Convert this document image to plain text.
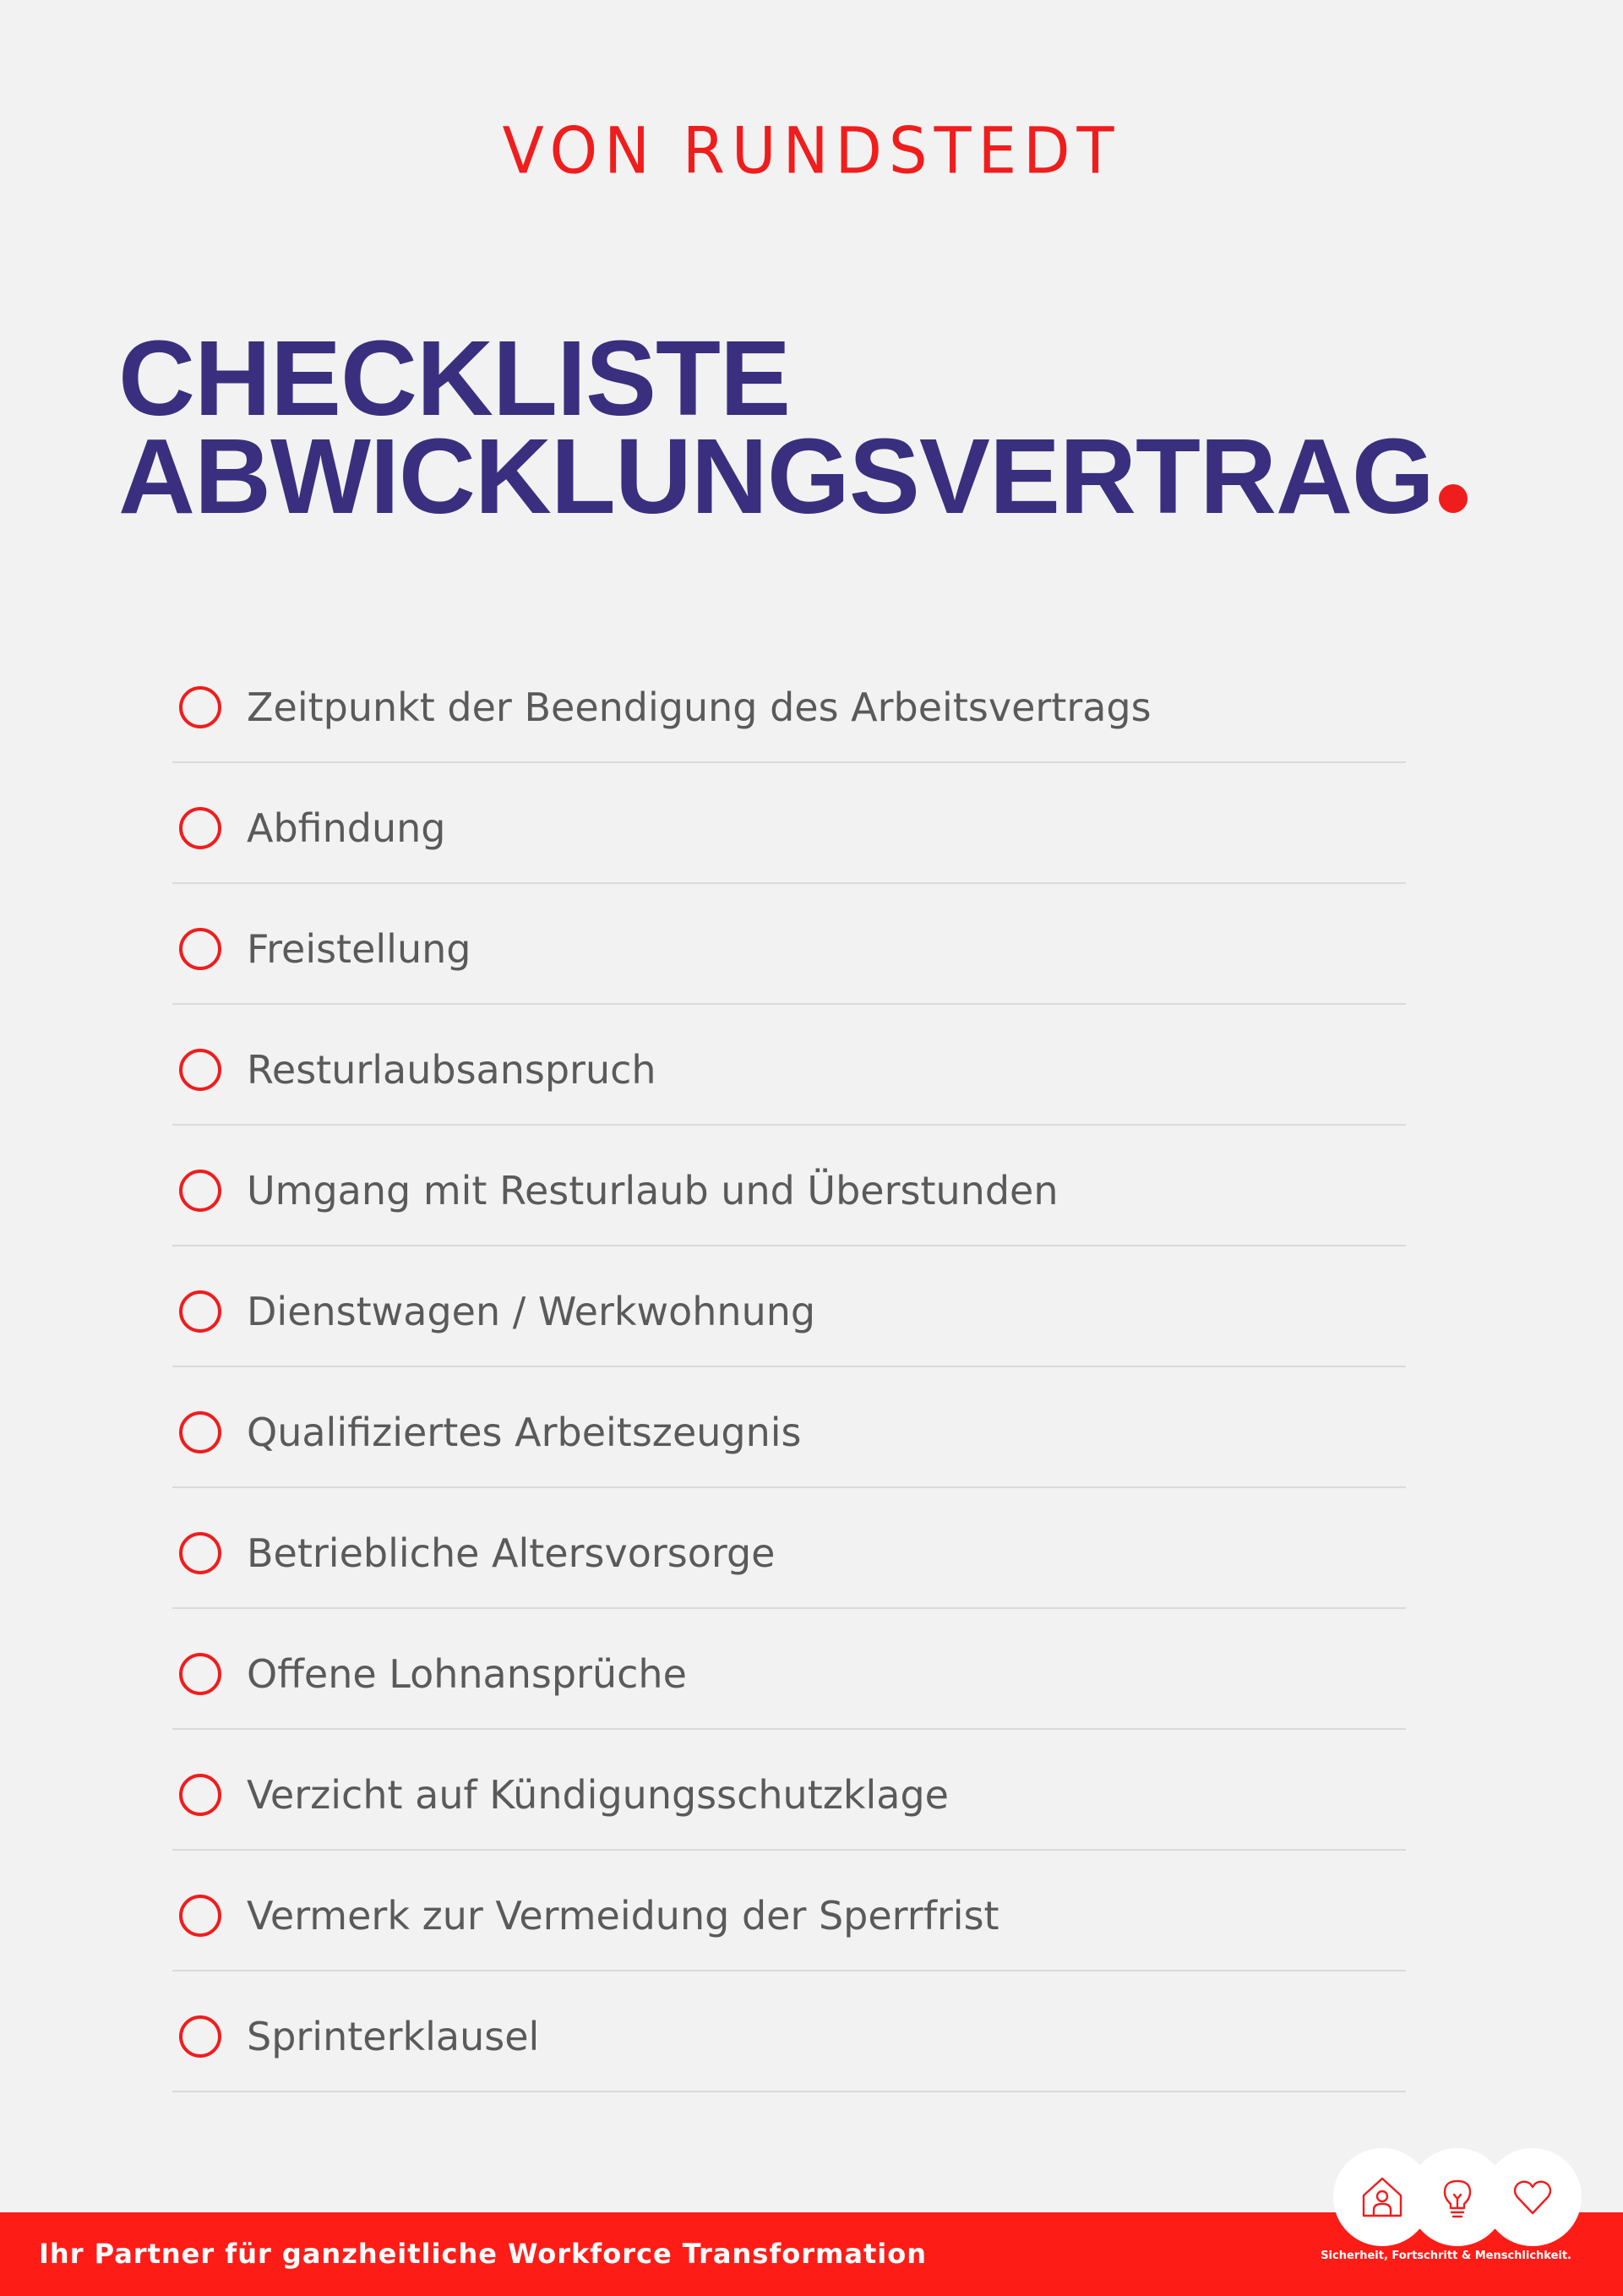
VON RUNDSTEDT
CHECKLISTE
ABWICKLUNGSVERTRAG
Zeitpunkt der Beendigung des Arbeitsvertrags
Abfindung
Freistellung
Resturlaubsanspruch
Umgang mit Resturlaub und Überstunden
Dienstwagen / Werkwohnung
Qualifiziertes Arbeitszeugnis
Betriebliche Altersvorsorge
Offene Lohnansprüche
Verzicht auf Kündigungsschutzklage
Vermerk zur Vermeidung der Sperrfrist
Sprinterklausel
Ihr Partner für ganzheitliche Workforce Transformation	Sicherheit, Fortschritt & Menschlichkeit.
